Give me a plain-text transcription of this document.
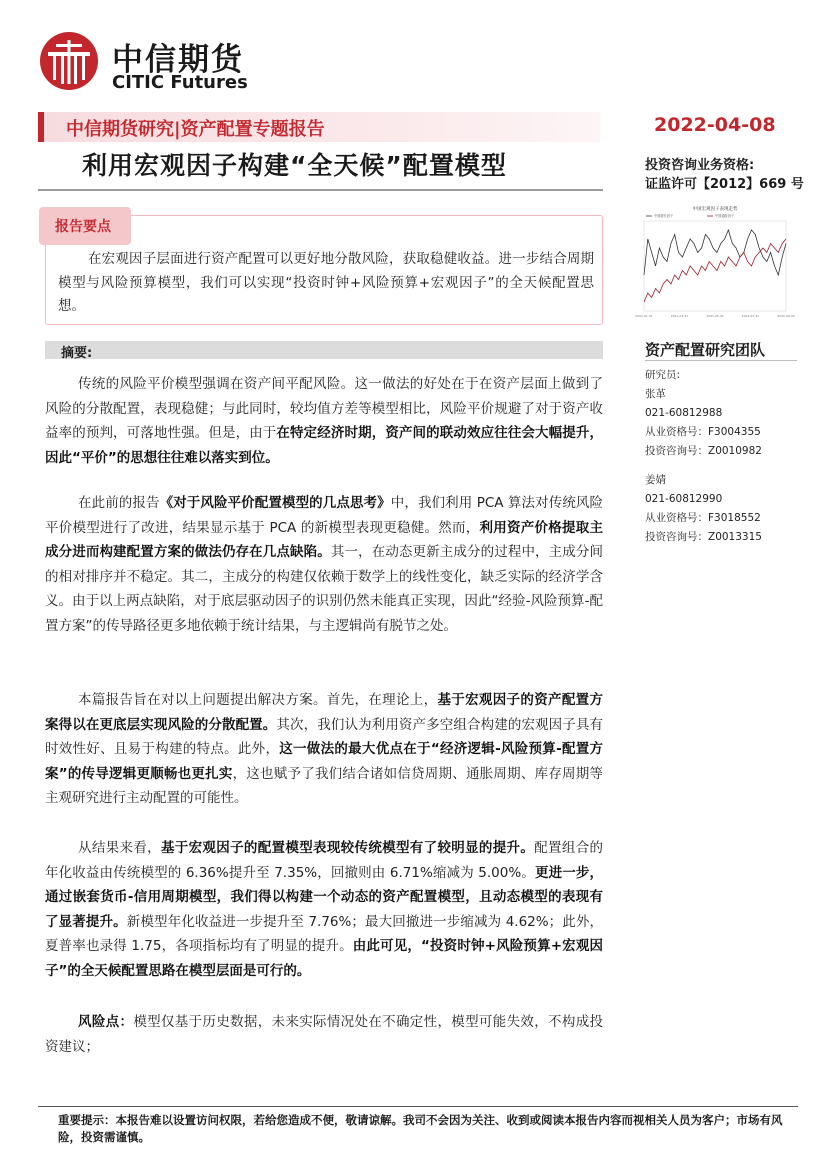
中信期货
CITIC Futures
中信期货研究|资产配置专题报告	2022-04-08
利用宏观因子构建“全天候”配置模型	投资咨询业务资格:
证监许可【2012】669 号
中国宏观因子表现走势
中国增长因子	中国通胀因子
2021-01-31	2021-03-31	2021-05-31	2021-07-31	2021-09-30
报告要点
在宏观因子层面进行资产配置可以更好地分散风险，获取稳健收益。进一步结合周期模型与风险预算模型，我们可以实现“投资时钟+风险预算+宏观因子”的全天候配置思想。
摘要:
传统的风险平价模型强调在资产间平配风险。这一做法的好处在于在资产层面上做到了风险的分散配置，表现稳健；与此同时，较均值方差等模型相比，风险平价规避了对于资产收益率的预判，可落地性强。但是，由于在特定经济时期，资产间的联动效应往往会大幅提升，因此“平价”的思想往往难以落实到位。
在此前的报告《对于风险平价配置模型的几点思考》中，我们利用 PCA 算法对传统风险平价模型进行了改进，结果显示基于 PCA 的新模型表现更稳健。然而，利用资产价格提取主成分进而构建配置方案的做法仍存在几点缺陷。其一，在动态更新主成分的过程中，主成分间的相对排序并不稳定。其二，主成分的构建仅依赖于数学上的线性变化，缺乏实际的经济学含义。由于以上两点缺陷，对于底层驱动因子的识别仍然未能真正实现，因此“经验-风险预算-配置方案”的传导路径更多地依赖于统计结果，与主逻辑尚有脱节之处。
本篇报告旨在对以上问题提出解决方案。首先，在理论上，基于宏观因子的资产配置方案得以在更底层实现风险的分散配置。其次，我们认为利用资产多空组合构建的宏观因子具有时效性好、且易于构建的特点。此外，这一做法的最大优点在于“经济逻辑-风险预算-配置方案”的传导逻辑更顺畅也更扎实，这也赋予了我们结合诸如信贷周期、通胀周期、库存周期等主观研究进行主动配置的可能性。
从结果来看，基于宏观因子的配置模型表现较传统模型有了较明显的提升。配置组合的年化收益由传统模型的 6.36%提升至 7.35%，回撤则由 6.71%缩减为 5.00%。更进一步，通过嵌套货币-信用周期模型，我们得以构建一个动态的资产配置模型，且动态模型的表现有了显著提升。新模型年化收益进一步提升至 7.76%；最大回撤进一步缩减为 4.62%；此外，夏普率也录得 1.75，各项指标均有了明显的提升。由此可见，“投资时钟+风险预算+宏观因子”的全天候配置思路在模型层面是可行的。
风险点：模型仅基于历史数据，未来实际情况处在不确定性，模型可能失效，不构成投资建议；
资产配置研究团队
研究员:
张革
021-60812988
从业资格号：F3004355
投资咨询号：Z0010982
姜婧
021-60812990
从业资格号：F3018552
投资咨询号：Z0013315
重要提示：本报告难以设置访问权限，若给您造成不便，敬请谅解。我司不会因为关注、收到或阅读本报告内容而视相关人员为客户；市场有风险，投资需谨慎。
